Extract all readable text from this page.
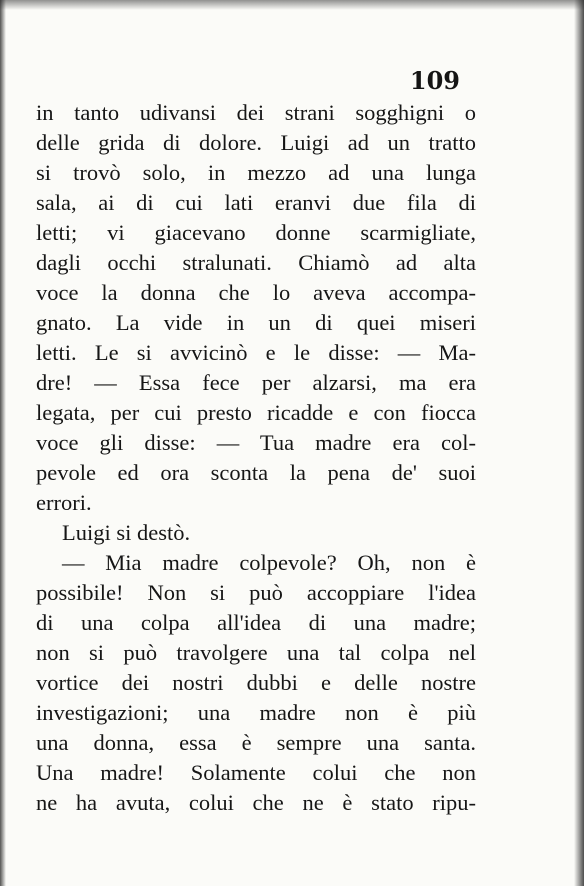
109
in tanto udivansi dei strani sogghigni o
delle grida di dolore. Luigi ad un tratto
si trovò solo, in mezzo ad una lunga
sala, ai di cui lati eranvi due fila di
letti; vi giacevano donne scarmigliate,
dagli occhi stralunati. Chiamò ad alta
voce la donna che lo aveva accompa-
gnato. La vide in un di quei miseri
letti. Le si avvicinò e le disse: — Ma-
dre! — Essa fece per alzarsi, ma era
legata, per cui presto ricadde e con fiocca
voce gli disse: — Tua madre era col-
pevole ed ora sconta la pena de' suoi
errori.
Luigi si destò.
— Mia madre colpevole? Oh, non è
possibile! Non si può accoppiare l'idea
di una colpa all'idea di una madre;
non si può travolgere una tal colpa nel
vortice dei nostri dubbi e delle nostre
investigazioni; una madre non è più
una donna, essa è sempre una santa.
Una madre! Solamente colui che non
ne ha avuta, colui che ne è stato ripu-
